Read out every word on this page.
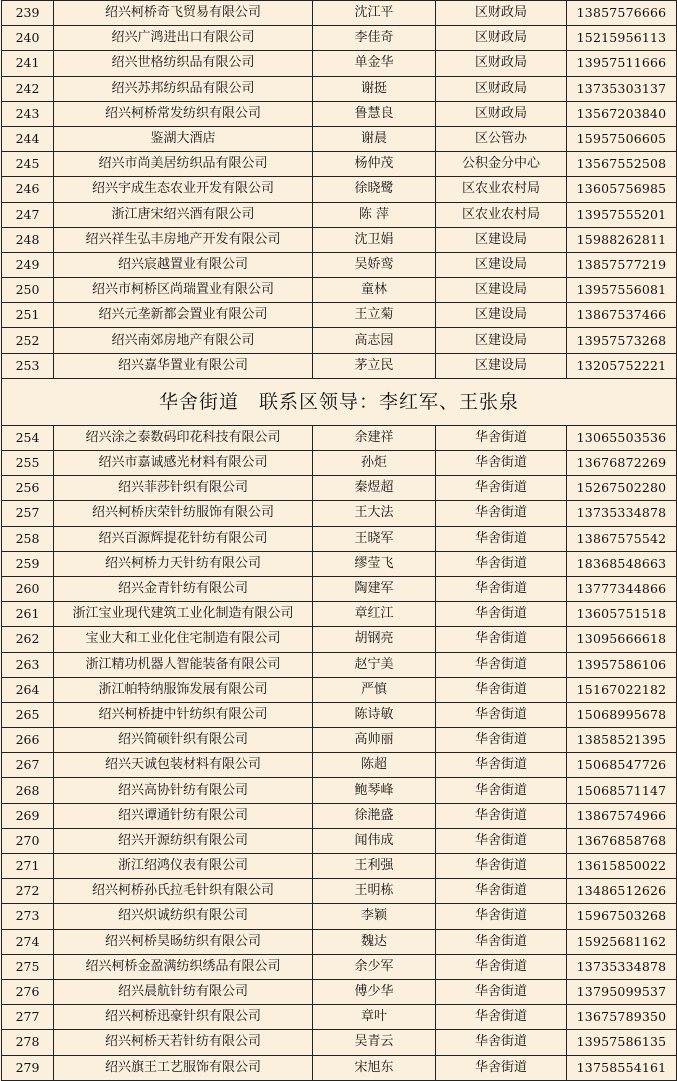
239	绍兴柯桥奇飞贸易有限公司	沈江平	区财政局	13857576666
240	绍兴广鸿进出口有限公司	李佳奇	区财政局	15215956113
241	绍兴世格纺织品有限公司	单金华	区财政局	13957511666
242	绍兴苏邦纺织品有限公司	谢挺	区财政局	13735303137
243	绍兴柯桥常发纺织有限公司	鲁慧良	区财政局	13567203840
244	鉴湖大酒店	谢晨	区公管办	15957506605
245	绍兴市尚美居纺织品有限公司	杨仲茂	公积金分中心	13567552508
246	绍兴宇成生态农业开发有限公司	徐晓鹭	区农业农村局	13605756985
247	浙江唐宋绍兴酒有限公司	陈 萍	区农业农村局	13957555201
248	绍兴祥生弘丰房地产开发有限公司	沈卫娟	区建设局	15988262811
249	绍兴宸越置业有限公司	吴娇鸾	区建设局	13857577219
250	绍兴市柯桥区尚瑞置业有限公司	童林	区建设局	13957556081
251	绍兴元垄新都会置业有限公司	王立菊	区建设局	13867537466
252	绍兴南郊房地产有限公司	高志园	区建设局	13957573268
253	绍兴嘉华置业有限公司	茅立民	区建设局	13205752221
华舍街道　联系区领导：李红军、王张泉				
254	绍兴涂之泰数码印花科技有限公司	余建祥	华舍街道	13065503536
255	绍兴市嘉诚感光材料有限公司	孙炬	华舍街道	13676872269
256	绍兴菲莎针织有限公司	秦煜超	华舍街道	15267502280
257	绍兴柯桥庆荣针纺服饰有限公司	王大法	华舍街道	13735334878
258	绍兴百源辉提花针纺有限公司	王晓军	华舍街道	13867575542
259	绍兴柯桥力天针纺有限公司	缪莹飞	华舍街道	18368548663
260	绍兴金青针纺有限公司	陶建军	华舍街道	13777344866
261	浙江宝业现代建筑工业化制造有限公司	章红江	华舍街道	13605751518
262	宝业大和工业化住宅制造有限公司	胡钢亮	华舍街道	13095666618
263	浙江精功机器人智能装备有限公司	赵宁美	华舍街道	13957586106
264	浙江帕特纳服饰发展有限公司	严慎	华舍街道	15167022182
265	绍兴柯桥捷中针纺织有限公司	陈诗敏	华舍街道	15068995678
266	绍兴简硕针织有限公司	高帅丽	华舍街道	13858521395
267	绍兴天诚包装材料有限公司	陈超	华舍街道	15068547726
268	绍兴高协针纺有限公司	鲍琴峰	华舍街道	15068571147
269	绍兴谭通针纺有限公司	徐滟盛	华舍街道	13867574966
270	绍兴开源纺织有限公司	闻伟成	华舍街道	13676858768
271	浙江绍鸿仪表有限公司	王利强	华舍街道	13615850022
272	绍兴柯桥孙氏拉毛针织有限公司	王明栋	华舍街道	13486512626
273	绍兴炽诚纺织有限公司	李颖	华舍街道	15967503268
274	绍兴柯桥昊旸纺织有限公司	魏达	华舍街道	15925681162
275	绍兴柯桥金盈满纺织绣品有限公司	余少军	华舍街道	13735334878
276	绍兴晨航针纺有限公司	傅少华	华舍街道	13795099537
277	绍兴柯桥迅豪针织有限公司	章叶	华舍街道	13675789350
278	绍兴柯桥天若针纺有限公司	吴青云	华舍街道	13957586135
279	绍兴旗王工艺服饰有限公司	宋旭东	华舍街道	13758554161
